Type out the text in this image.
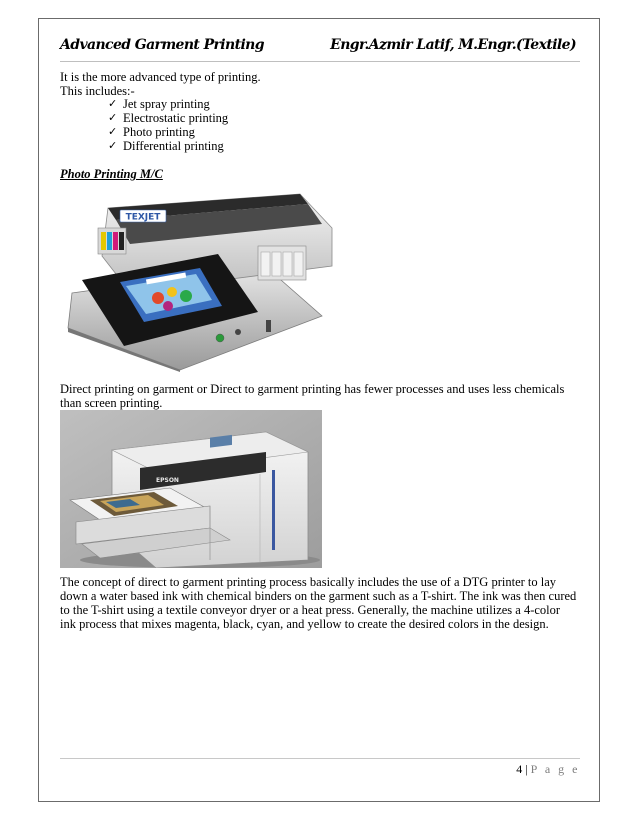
Advanced Garment Printing	Engr.Azmir Latif, M.Engr.(Textile)
It is the more advanced type of printing.
This includes:-
✓ Jet spray printing
✓ Electrostatic printing
✓ Photo printing
✓ Differential printing
Photo Printing M/C
TEXJET
Direct printing on garment or Direct to garment printing has fewer processes and uses less chemicals than screen printing.
EPSON
The concept of direct to garment printing process basically includes the use of a DTG printer to lay down a water based ink with chemical binders on the garment such as a T-shirt. The ink was then cured to the T-shirt using a textile conveyor dryer or a heat press. Generally, the machine utilizes a 4-color ink process that mixes magenta, black, cyan, and yellow to create the desired colors in the design.
4 | P a g e
